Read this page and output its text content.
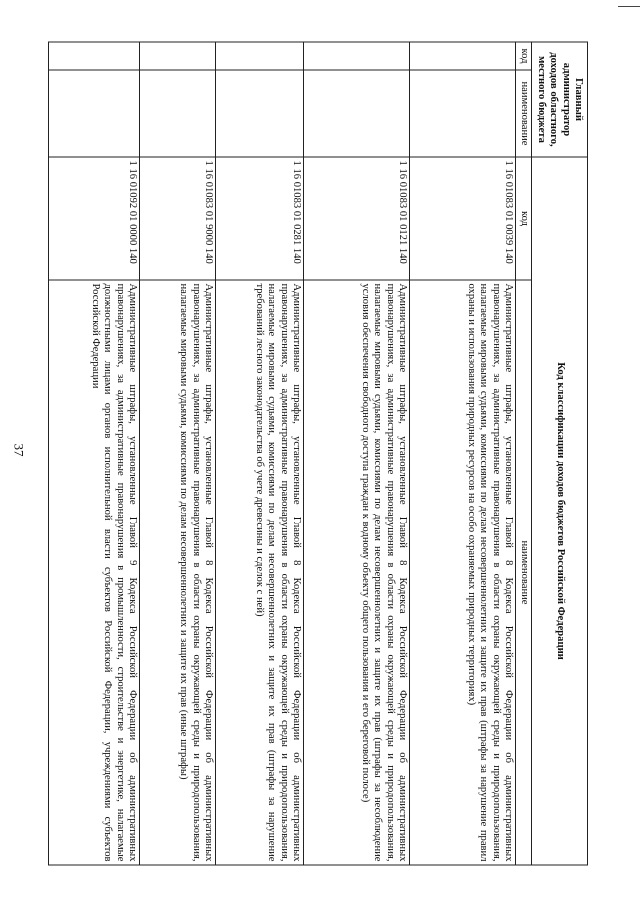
37
Главный администратор доходов областного, местного бюджета		Код классификации доходов бюджетов Российской Федерации	
код	наименование	код	наименование
		1 16 01083 01 0039 140	Административные штрафы, установленные Главой 8 Кодекса Российской Федерации об административных правонарушениях, за административные правонарушения в области охраны окружающей среды и природопользования, налагаемые мировыми судьями, комиссиями по делам несовершеннолетних и защите их прав (штрафы за нарушение правил охраны и использования природных ресурсов на особо охраняемых природных территориях)
		1 16 01083 01 0121 140	Административные штрафы, установленные Главой 8 Кодекса Российской Федерации об административных правонарушениях, за административные правонарушения в области охраны окружающей среды и природопользования, налагаемые мировыми судьями, комиссиями по делам несовершеннолетних и защите их прав (штрафы за несоблюдение условия обеспечения свободного доступа граждан к водному объекту общего пользования и его береговой полосе)
		1 16 01083 01 0281 140	Административные штрафы, установленные Главой 8 Кодекса Российской Федерации об административных правонарушениях, за административные правонарушения в области охраны окружающей среды и природопользования, налагаемые мировыми судьями, комиссиями по делам несовершеннолетних и защите их прав (штрафы за нарушение требований лесного законодательства об учете древесины и сделок с ней)
		1 16 01083 01 9000 140	Административные штрафы, установленные Главой 8 Кодекса Российской Федерации об административных правонарушениях, за административные правонарушения в области охраны окружающей среды и природопользования, налагаемые мировыми судьями, комиссиями по делам несовершеннолетних и защите их прав (иные штрафы)
		1 16 01092 01 0000 140	Административные штрафы, установленные Главой 9 Кодекса Российской Федерации об административных правонарушениях, за административные правонарушения в промышленности, строительстве и энергетике, налагаемые должностными лицами органов исполнительной власти субъектов Российской Федерации, учреждениями субъектов Российской Федерации
